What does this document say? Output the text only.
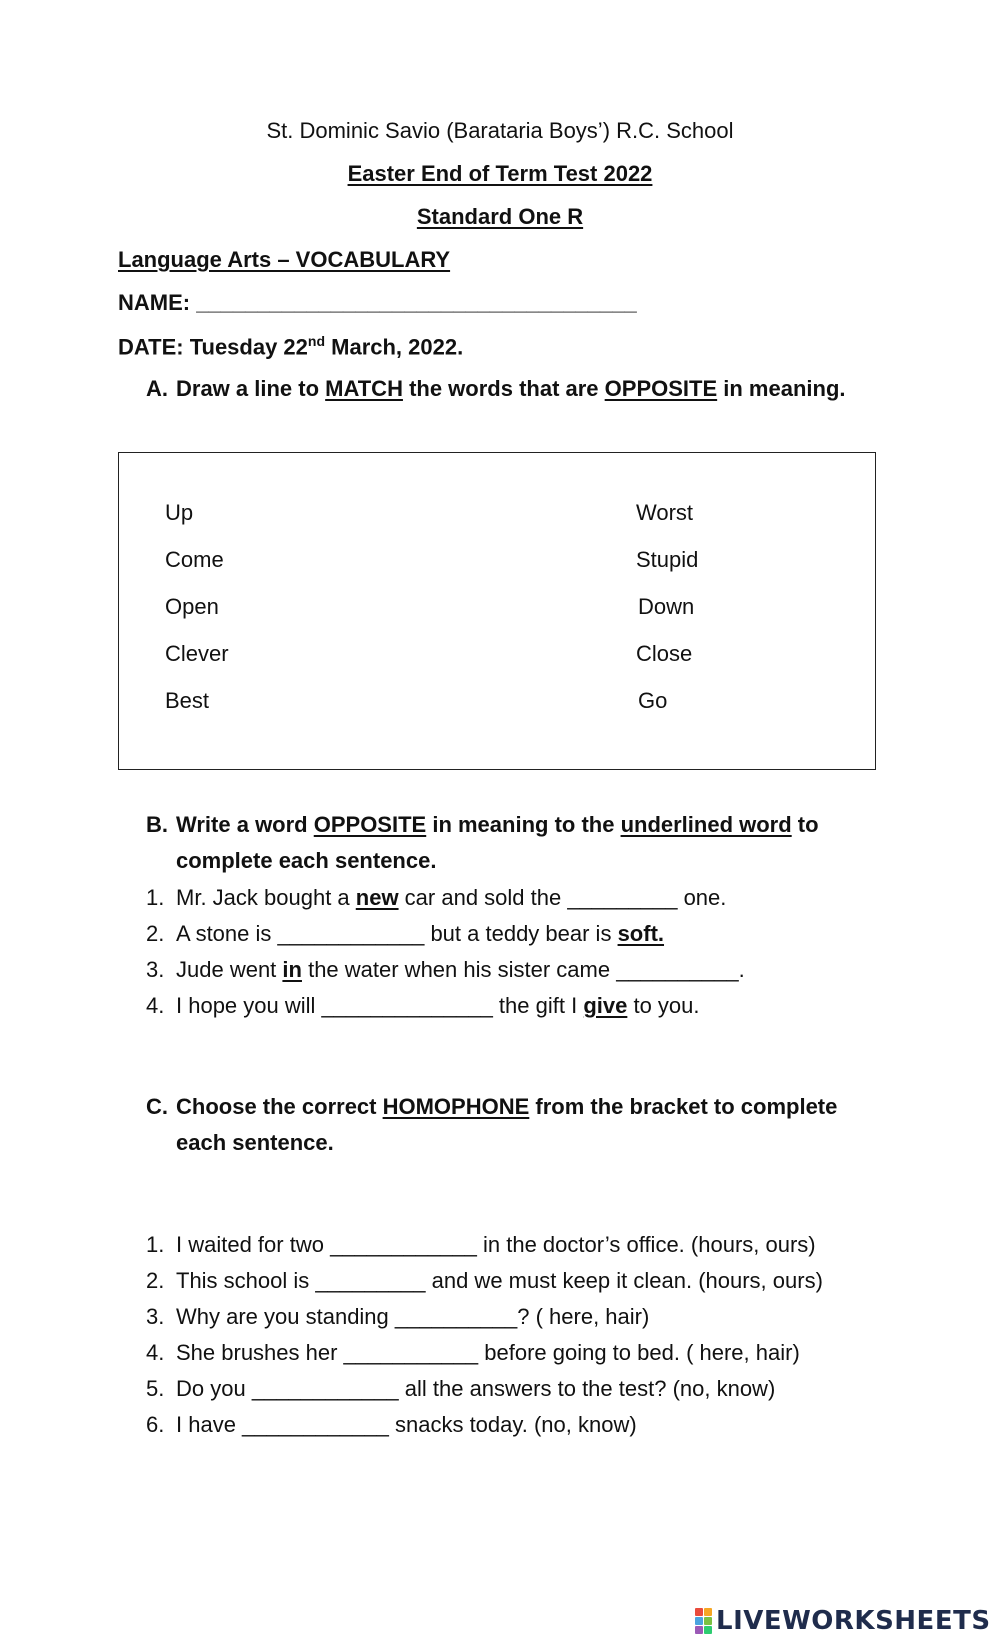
St. Dominic Savio (Barataria Boys’) R.C. School
Easter End of Term Test 2022
Standard One R
Language Arts – VOCABULARY
NAME: ____________________________________
DATE: Tuesday 22nd March, 2022.
A. Draw a line to MATCH the words that are OPPOSITE in meaning.
Up
Come
Open
Clever
Best
Worst
Stupid
Down
Close
Go
B. Write a word OPPOSITE in meaning to the underlined word to
complete each sentence.
1. Mr. Jack bought a new car and sold the _________ one.
2. A stone is ____________ but a teddy bear is soft.
3. Jude went in the water when his sister came __________.
4. I hope you will ______________ the gift I give to you.
C. Choose the correct HOMOPHONE from the bracket to complete
each sentence.
1. I waited for two ____________ in the doctor’s office. (hours, ours)
2. This school is _________ and we must keep it clean. (hours, ours)
3. Why are you standing __________? ( here, hair)
4. She brushes her ___________ before going to bed. ( here, hair)
5. Do you ____________ all the answers to the test? (no, know)
6. I have ____________ snacks today. (no, know)
LIVEWORKSHEETS
